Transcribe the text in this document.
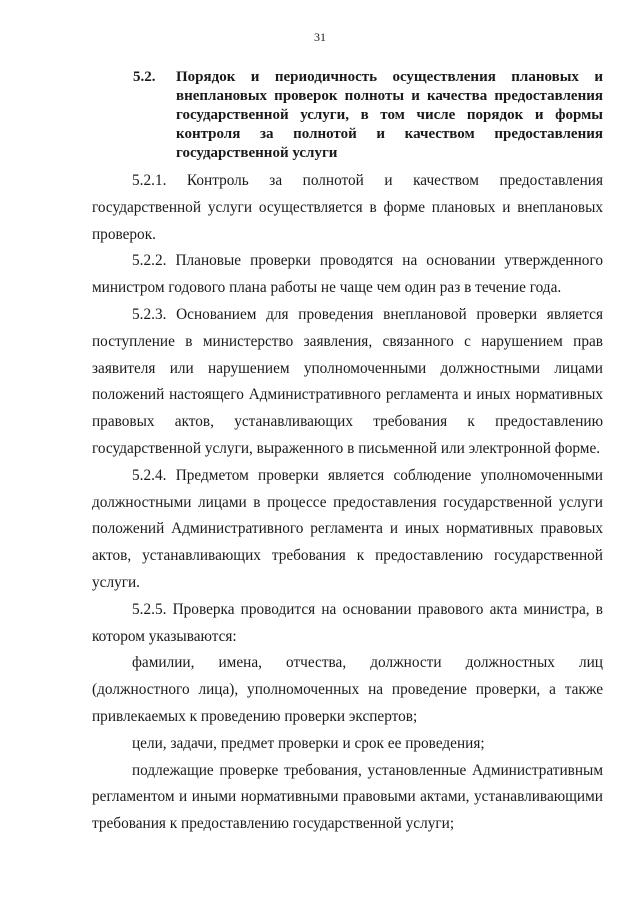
31
5.2. Порядок и периодичность осуществления плановых и внеплановых проверок полноты и качества предоставления государственной услуги, в том числе порядок и формы контроля за полнотой и качеством предоставления государственной услуги

5.2.1. Контроль за полнотой и качеством предоставления государственной услуги осуществляется в форме плановых и внеплановых проверок.

5.2.2. Плановые проверки проводятся на основании утвержденного министром годового плана работы не чаще чем один раз в течение года.

5.2.3. Основанием для проведения внеплановой проверки является поступление в министерство заявления, связанного с нарушением прав заявителя или нарушением уполномоченными должностными лицами положений настоящего Административного регламента и иных нормативных правовых актов, устанавливающих требования к предоставлению государственной услуги, выраженного в письменной или электронной форме.

5.2.4. Предметом проверки является соблюдение уполномоченными должностными лицами в процессе предоставления государственной услуги положений Административного регламента и иных нормативных правовых актов, устанавливающих требования к предоставлению государственной услуги.

5.2.5. Проверка проводится на основании правового акта министра, в котором указываются:

фамилии, имена, отчества, должности должностных лиц (должностного лица), уполномоченных на проведение проверки, а также привлекаемых к проведению проверки экспертов;

цели, задачи, предмет проверки и срок ее проведения;

подлежащие проверке требования, установленные Административным регламентом и иными нормативными правовыми актами, устанавливающими требования к предоставлению государственной услуги;
